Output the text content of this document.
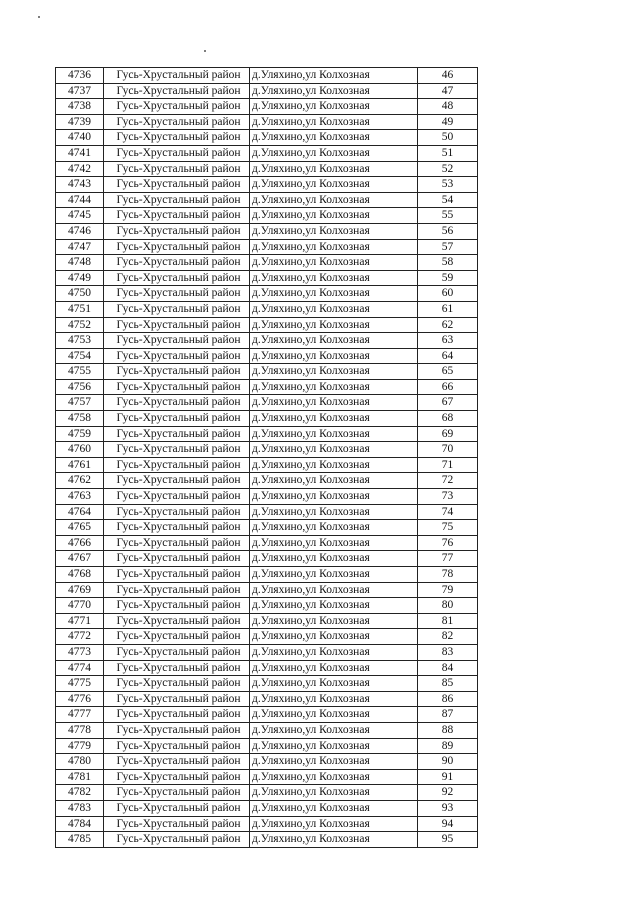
4736	Гусь-Хрустальный район	д.Уляхино,ул Колхозная	46
4737	Гусь-Хрустальный район	д.Уляхино,ул Колхозная	47
4738	Гусь-Хрустальный район	д.Уляхино,ул Колхозная	48
4739	Гусь-Хрустальный район	д.Уляхино,ул Колхозная	49
4740	Гусь-Хрустальный район	д.Уляхино,ул Колхозная	50
4741	Гусь-Хрустальный район	д.Уляхино,ул Колхозная	51
4742	Гусь-Хрустальный район	д.Уляхино,ул Колхозная	52
4743	Гусь-Хрустальный район	д.Уляхино,ул Колхозная	53
4744	Гусь-Хрустальный район	д.Уляхино,ул Колхозная	54
4745	Гусь-Хрустальный район	д.Уляхино,ул Колхозная	55
4746	Гусь-Хрустальный район	д.Уляхино,ул Колхозная	56
4747	Гусь-Хрустальный район	д.Уляхино,ул Колхозная	57
4748	Гусь-Хрустальный район	д.Уляхино,ул Колхозная	58
4749	Гусь-Хрустальный район	д.Уляхино,ул Колхозная	59
4750	Гусь-Хрустальный район	д.Уляхино,ул Колхозная	60
4751	Гусь-Хрустальный район	д.Уляхино,ул Колхозная	61
4752	Гусь-Хрустальный район	д.Уляхино,ул Колхозная	62
4753	Гусь-Хрустальный район	д.Уляхино,ул Колхозная	63
4754	Гусь-Хрустальный район	д.Уляхино,ул Колхозная	64
4755	Гусь-Хрустальный район	д.Уляхино,ул Колхозная	65
4756	Гусь-Хрустальный район	д.Уляхино,ул Колхозная	66
4757	Гусь-Хрустальный район	д.Уляхино,ул Колхозная	67
4758	Гусь-Хрустальный район	д.Уляхино,ул Колхозная	68
4759	Гусь-Хрустальный район	д.Уляхино,ул Колхозная	69
4760	Гусь-Хрустальный район	д.Уляхино,ул Колхозная	70
4761	Гусь-Хрустальный район	д.Уляхино,ул Колхозная	71
4762	Гусь-Хрустальный район	д.Уляхино,ул Колхозная	72
4763	Гусь-Хрустальный район	д.Уляхино,ул Колхозная	73
4764	Гусь-Хрустальный район	д.Уляхино,ул Колхозная	74
4765	Гусь-Хрустальный район	д.Уляхино,ул Колхозная	75
4766	Гусь-Хрустальный район	д.Уляхино,ул Колхозная	76
4767	Гусь-Хрустальный район	д.Уляхино,ул Колхозная	77
4768	Гусь-Хрустальный район	д.Уляхино,ул Колхозная	78
4769	Гусь-Хрустальный район	д.Уляхино,ул Колхозная	79
4770	Гусь-Хрустальный район	д.Уляхино,ул Колхозная	80
4771	Гусь-Хрустальный район	д.Уляхино,ул Колхозная	81
4772	Гусь-Хрустальный район	д.Уляхино,ул Колхозная	82
4773	Гусь-Хрустальный район	д.Уляхино,ул Колхозная	83
4774	Гусь-Хрустальный район	д.Уляхино,ул Колхозная	84
4775	Гусь-Хрустальный район	д.Уляхино,ул Колхозная	85
4776	Гусь-Хрустальный район	д.Уляхино,ул Колхозная	86
4777	Гусь-Хрустальный район	д.Уляхино,ул Колхозная	87
4778	Гусь-Хрустальный район	д.Уляхино,ул Колхозная	88
4779	Гусь-Хрустальный район	д.Уляхино,ул Колхозная	89
4780	Гусь-Хрустальный район	д.Уляхино,ул Колхозная	90
4781	Гусь-Хрустальный район	д.Уляхино,ул Колхозная	91
4782	Гусь-Хрустальный район	д.Уляхино,ул Колхозная	92
4783	Гусь-Хрустальный район	д.Уляхино,ул Колхозная	93
4784	Гусь-Хрустальный район	д.Уляхино,ул Колхозная	94
4785	Гусь-Хрустальный район	д.Уляхино,ул Колхозная	95
